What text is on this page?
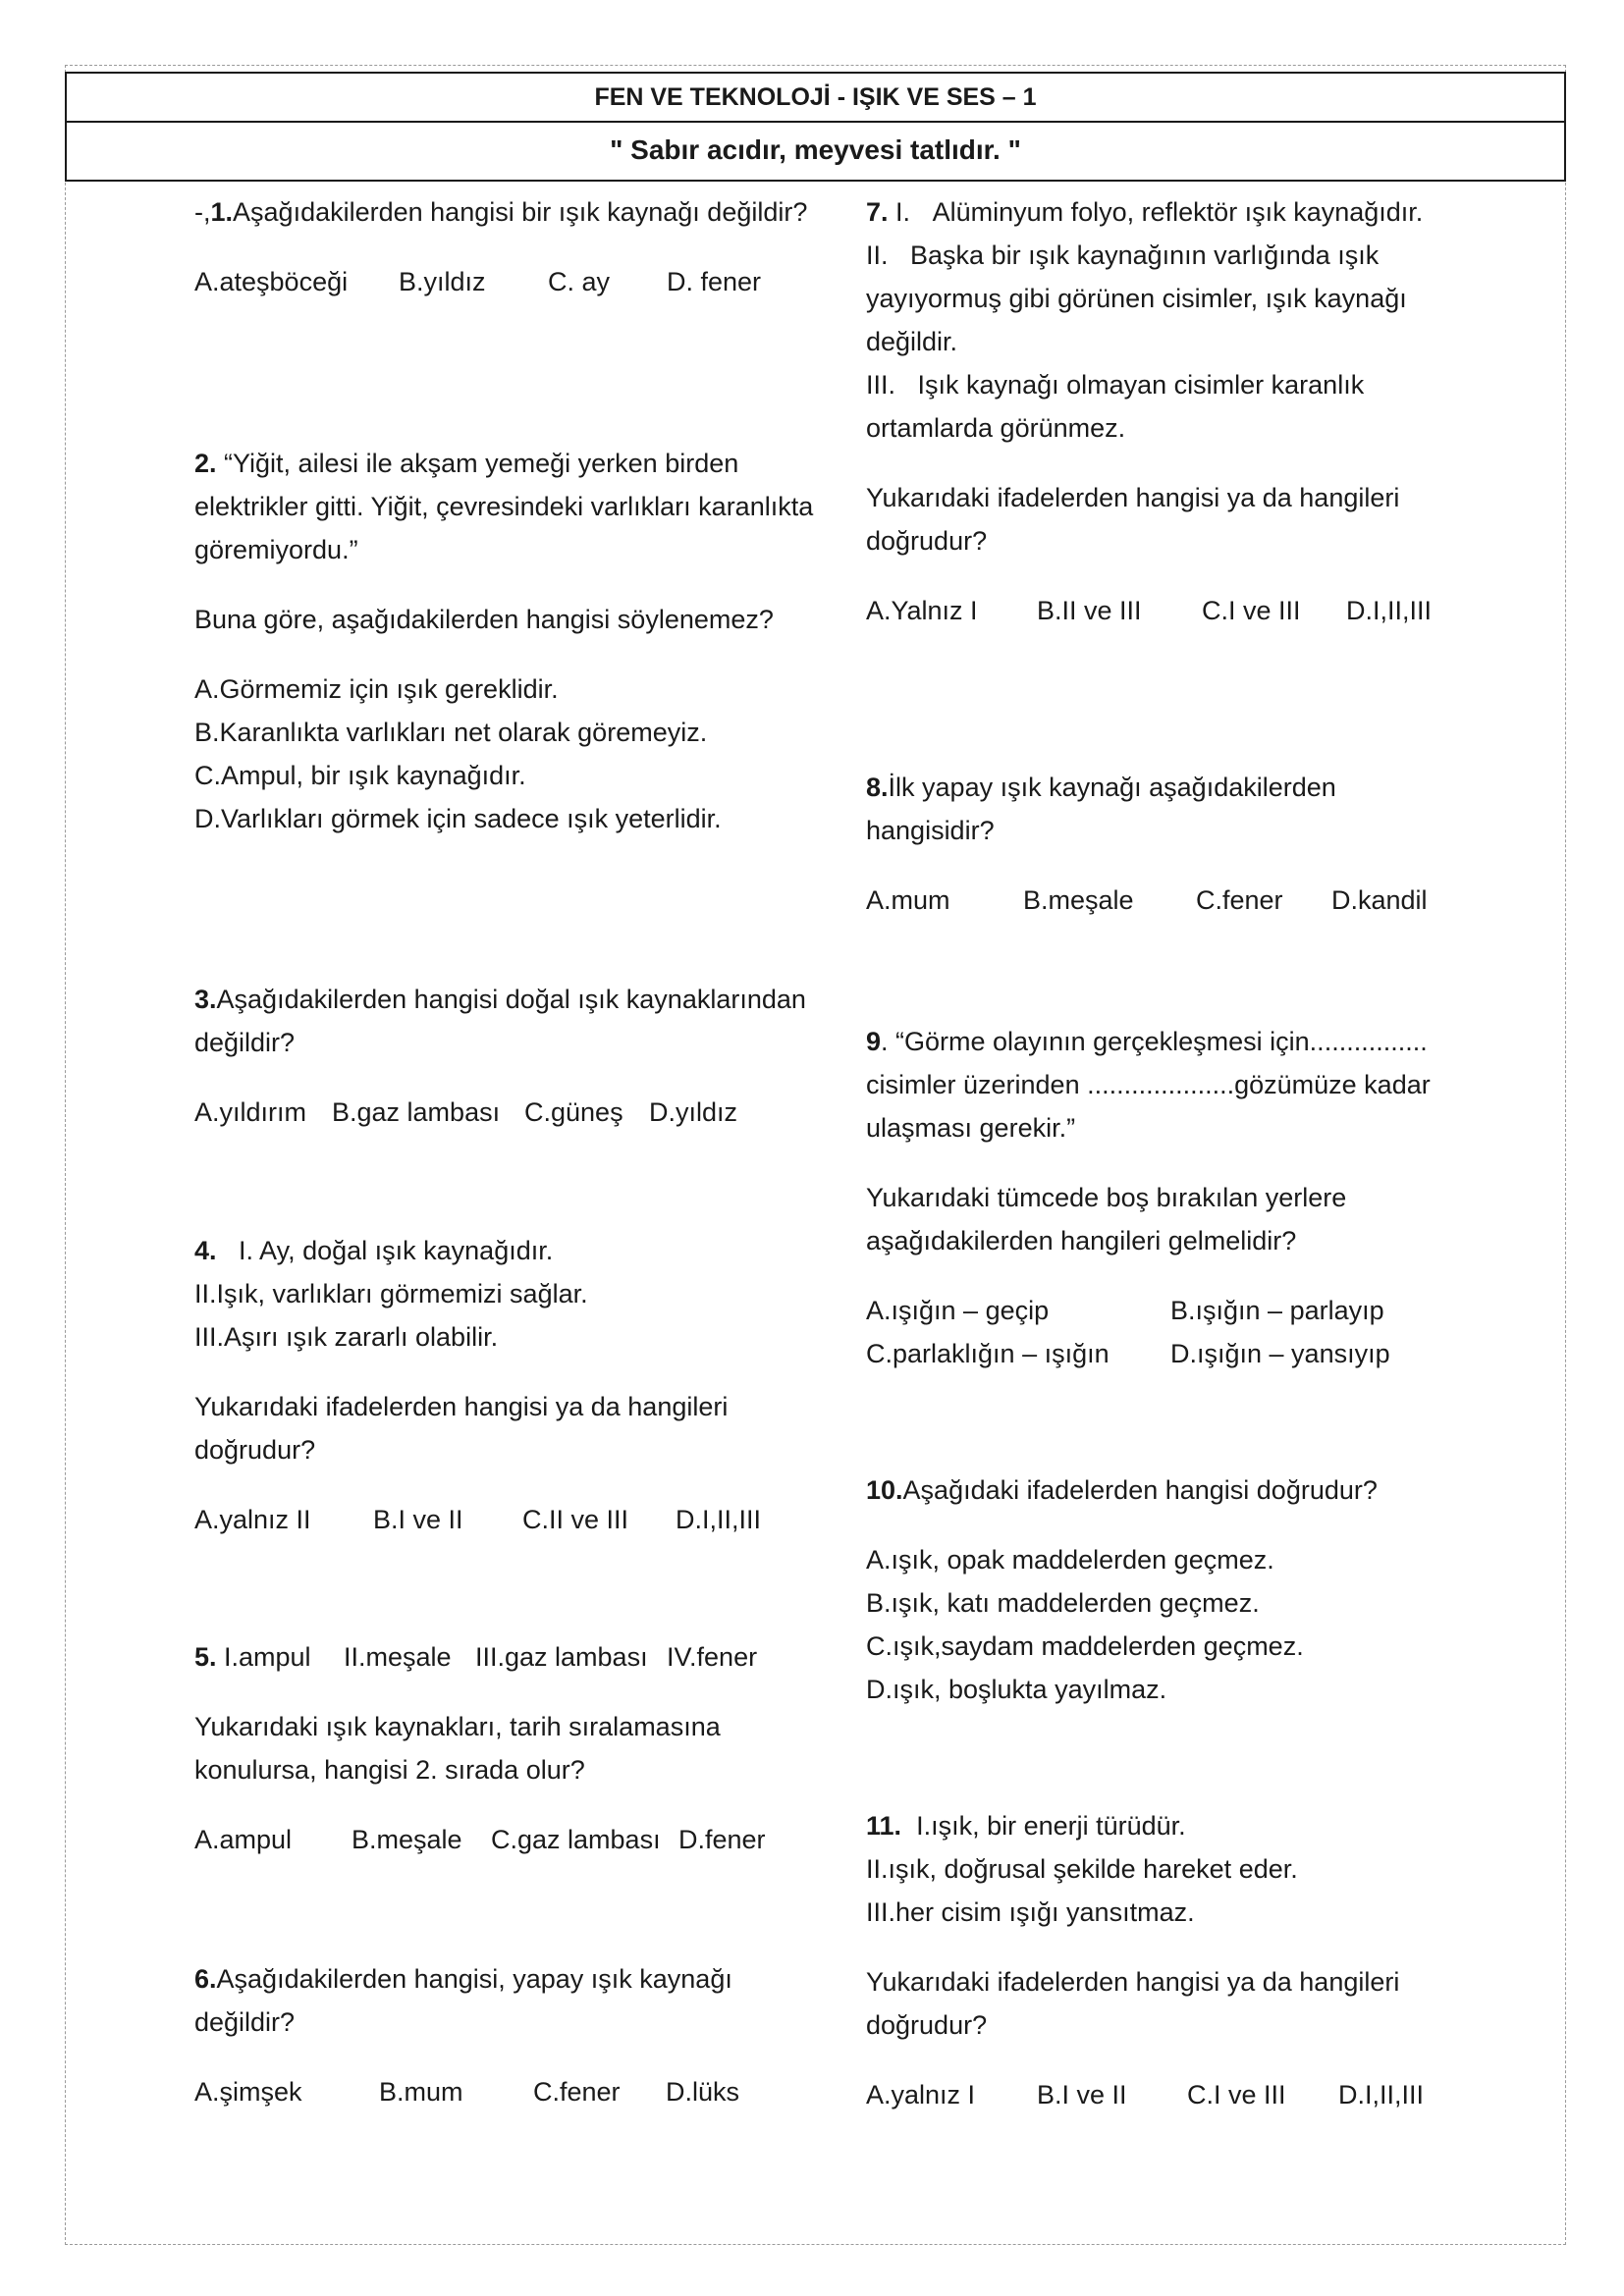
FEN VE TEKNOLOJİ - IŞIK VE SES – 1
" Sabır acıdır, meyvesi tatlıdır. "

-,1.Aşağıdakilerden hangisi bir ışık kaynağı değildir?

A.ateşböceği B.yıldız C. ay D. fener

2. “Yiğit, ailesi ile akşam yemeği yerken birden elektrikler gitti. Yiğit, çevresindeki varlıkları karanlıkta göremiyordu.”

Buna göre, aşağıdakilerden hangisi söylenemez?

A.Görmemiz için ışık gereklidir.

B.Karanlıkta varlıkları net olarak göremeyiz.

C.Ampul, bir ışık kaynağıdır.

D.Varlıkları görmek için sadece ışık yeterlidir.

3.Aşağıdakilerden hangisi doğal ışık kaynaklarından değildir?

A.yıldırım B.gaz lambası C.güneş D.yıldız

4. I. Ay, doğal ışık kaynağıdır.

II.Işık, varlıkları görmemizi sağlar.

III.Aşırı ışık zararlı olabilir.

Yukarıdaki ifadelerden hangisi ya da hangileri doğrudur?

A.yalnız II B.I ve II C.II ve III D.I,II,III
5. I.ampul II.meşale III.gaz lambası IV.fener

Yukarıdaki ışık kaynakları, tarih sıralamasına konulursa, hangisi 2. sırada olur?

A.ampul B.meşale C.gaz lambası D.fener

6.Aşağıdakilerden hangisi, yapay ışık kaynağı değildir?

A.şimşek	B.mum	C.fener D.lüks

7. I. Alüminyum folyo, reflektör ışık kaynağıdır.

II. Başka bir ışık kaynağının varlığında ışık yayıyormuş gibi görünen cisimler, ışık kaynağı değildir.

III. Işık kaynağı olmayan cisimler karanlık ortamlarda görünmez.

Yukarıdaki ifadelerden hangisi ya da hangileri doğrudur?

A.Yalnız I B.II ve III C.I ve III D.I,II,III

8.İlk yapay ışık kaynağı aşağıdakilerden hangisidir?

A.mum	B.meşale C.fener D.kandil

9. “Görme olayının gerçekleşmesi için................ cisimler üzerinden ....................gözümüze kadar ulaşması gerekir.”

Yukarıdaki tümcede boş bırakılan yerlere aşağıdakilerden hangileri gelmelidir?

A.ışığın – geçip	B.ışığın – parlayıp
C.parlaklığın – ışığın D.ışığın – yansıyıp

10.Aşağıdaki ifadelerden hangisi doğrudur?

A.ışık, opak maddelerden geçmez.

B.ışık, katı maddelerden geçmez.

C.ışık,saydam maddelerden geçmez.

D.ışık, boşlukta yayılmaz.

11. I.ışık, bir enerji türüdür.

II.ışık, doğrusal şekilde hareket eder.

III.her cisim ışığı yansıtmaz.

Yukarıdaki ifadelerden hangisi ya da hangileri doğrudur?

A.yalnız I B.I ve II C.I ve III D.I,II,III
